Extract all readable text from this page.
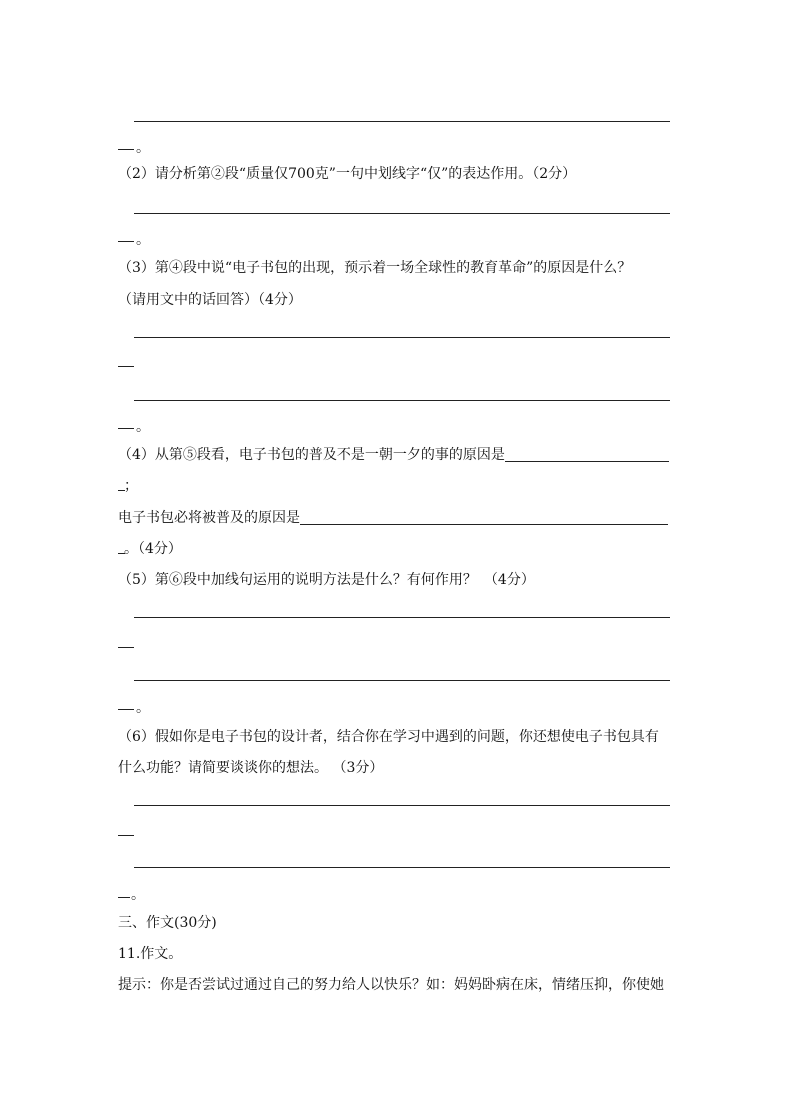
。
（2）请分析第②段“质量仅700克”一句中划线字“仅”的表达作用。（2分）
。
（3）第④段中说“电子书包的出现，预示着一场全球性的教育革命”的原因是什么？
（请用文中的话回答）（4分）
。
（4）从第⑤段看，电子书包的普及不是一朝一夕的事的原因是
；
电子书包必将被普及的原因是
。（4分）
（5）第⑥段中加线句运用的说明方法是什么？有何作用？　（4分）
。
（6）假如你是电子书包的设计者，结合你在学习中遇到的问题，你还想使电子书包具有
什么功能？请简要谈谈你的想法。 （3分）
。
三、作文(30分)
11.作文。
提示：你是否尝试过通过自己的努力给人以快乐？如：妈妈卧病在床，情绪压抑，你使她
